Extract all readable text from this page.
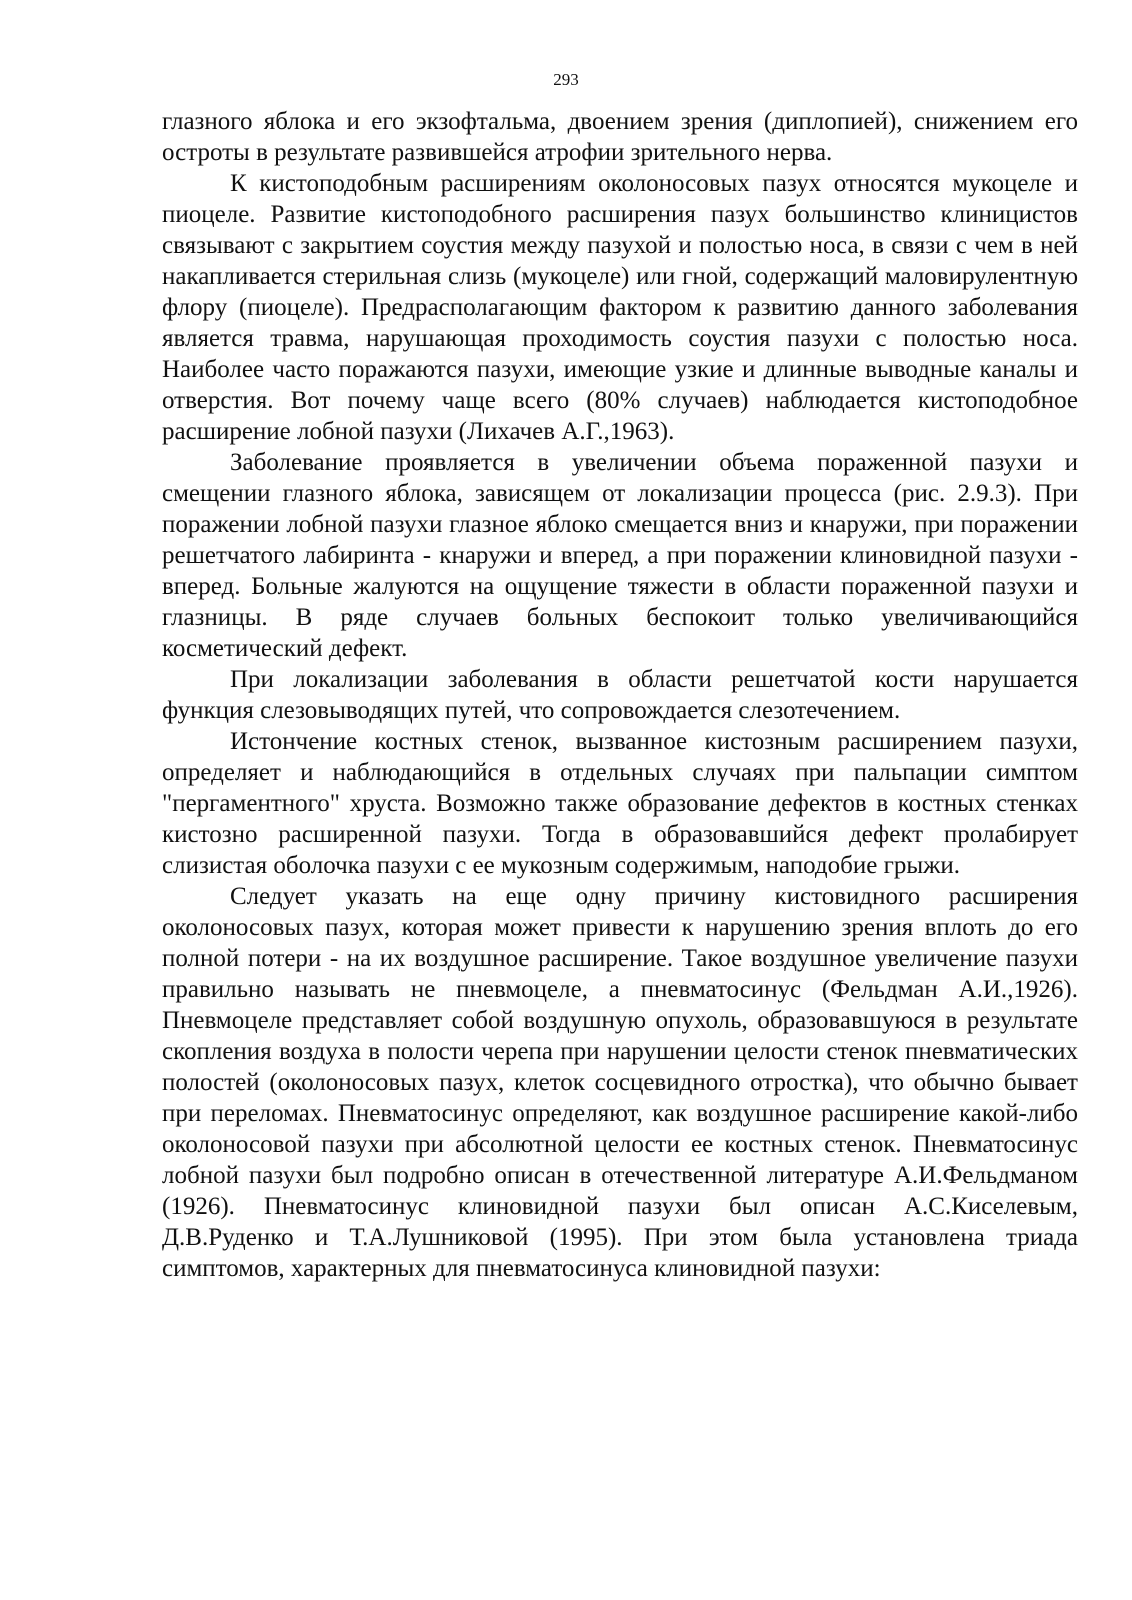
293

глазного яблока и его экзофтальма, двоением зрения (диплопией), снижением его остроты в результате развившейся атрофии зрительного нерва.

К кистоподобным расширениям околоносовых пазух относятся мукоцеле и пиоцеле. Развитие кистоподобного расширения пазух большинство клиницистов связывают с закрытием соустия между пазухой и полостью носа, в связи с чем в ней накапливается стерильная слизь (мукоцеле) или гной, содержащий маловирулентную флору (пиоцеле). Предрасполагающим фактором к развитию данного заболевания является травма, нарушающая проходимость соустия пазухи с полостью носа. Наиболее часто поражаются пазухи, имеющие узкие и длинные выводные каналы и отверстия. Вот почему чаще всего (80% случаев) наблюдается кистоподобное расширение лобной пазухи (Лихачев А.Г.,1963).

Заболевание проявляется в увеличении объема пораженной пазухи и смещении глазного яблока, зависящем от локализации процесса (рис. 2.9.3). При поражении лобной пазухи глазное яблоко смещается вниз и кнаружи, при поражении решетчатого лабиринта - кнаружи и вперед, а при поражении клиновидной пазухи - вперед. Больные жалуются на ощущение тяжести в области пораженной пазухи и глазницы. В ряде случаев больных беспокоит только увеличивающийся косметический дефект.

При локализации заболевания в области решетчатой кости нарушается функция слезовыводящих путей, что сопровождается слезотечением.

Истончение костных стенок, вызванное кистозным расширением пазухи, определяет и наблюдающийся в отдельных случаях при пальпации симптом "пергаментного" хруста. Возможно также образование дефектов в костных стенках кистозно расширенной пазухи. Тогда в образовавшийся дефект пролабирует слизистая оболочка пазухи с ее мукозным содержимым, наподобие грыжи.

Следует указать на еще одну причину кистовидного расширения околоносовых пазух, которая может привести к нарушению зрения вплоть до его полной потери - на их воздушное расширение. Такое воздушное увеличение пазухи правильно называть не пневмоцеле, а пневматосинус (Фельдман А.И.,1926). Пневмоцеле представляет собой воздушную опухоль, образовавшуюся в результате скопления воздуха в полости черепа при нарушении целости стенок пневматических полостей (околоносовых пазух, клеток сосцевидного отростка), что обычно бывает при переломах. Пневматосинус определяют, как воздушное расширение какой-либо околоносовой пазухи при абсолютной целости ее костных стенок. Пневматосинус лобной пазухи был подробно описан в отечественной литературе А.И.Фельдманом (1926). Пневматосинус клиновидной пазухи был описан А.С.Киселевым, Д.В.Руденко и Т.А.Лушниковой (1995). При этом была установлена триада симптомов, характерных для пневматосинуса клиновидной пазухи:
